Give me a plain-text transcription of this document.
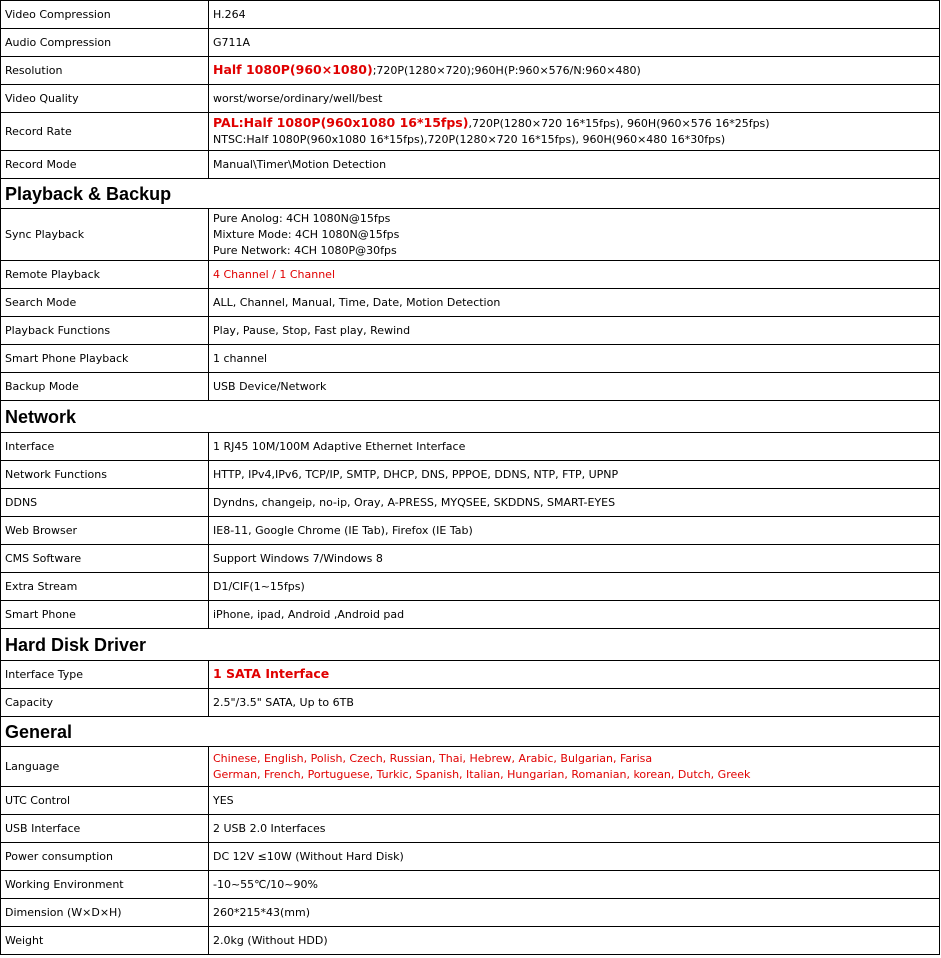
Video Compression	H.264

Audio Compression	G711A

Resolution	Half 1080P(960×1080);720P(1280×720);960H(P:960×576/N:960×480)

Video Quality	worst/worse/ordinary/well/best

Record Rate	PAL:Half 1080P(960x1080 16*15fps),720P(1280×720 16*15fps), 960H(960×576 16*25fps)
NTSC:Half 1080P(960x1080 16*15fps),720P(1280×720 16*15fps), 960H(960×480 16*30fps)

Record Mode	Manual\Timer\Motion Detection

Playback & Backup	
Sync Playback	Pure Anolog: 4CH 1080N@15fps
Mixture Mode: 4CH 1080N@15fps
Pure Network: 4CH 1080P@30fps

Remote Playback	4 Channel / 1 Channel

Search Mode	ALL, Channel, Manual, Time, Date, Motion Detection

Playback Functions	Play, Pause, Stop, Fast play, Rewind

Smart Phone Playback	1 channel

Backup Mode	USB Device/Network

Network	
Interface	1 RJ45 10M/100M Adaptive Ethernet Interface

Network Functions	HTTP, IPv4,IPv6, TCP/IP, SMTP, DHCP, DNS, PPPOE, DDNS, NTP, FTP, UPNP

DDNS	Dyndns, changeip, no-ip, Oray, A-PRESS, MYQSEE, SKDDNS, SMART-EYES

Web Browser	IE8-11, Google Chrome (IE Tab), Firefox (IE Tab)

CMS Software	Support Windows 7/Windows 8

Extra Stream	D1/CIF(1~15fps)

Smart Phone	iPhone, ipad, Android ,Android pad

Hard Disk Driver	
Interface Type	1 SATA Interface

Capacity	2.5"/3.5" SATA, Up to 6TB

General	
Language	Chinese, English, Polish, Czech, Russian, Thai, Hebrew, Arabic, Bulgarian, Farisa
German, French, Portuguese, Turkic, Spanish, Italian, Hungarian, Romanian, korean, Dutch, Greek

UTC Control	YES

USB Interface	2 USB 2.0 Interfaces

Power consumption	DC 12V ≤10W (Without Hard Disk)

Working Environment	-10~55℃/10~90%

Dimension (W×D×H)	260*215*43(mm)

Weight	2.0kg (Without HDD)
